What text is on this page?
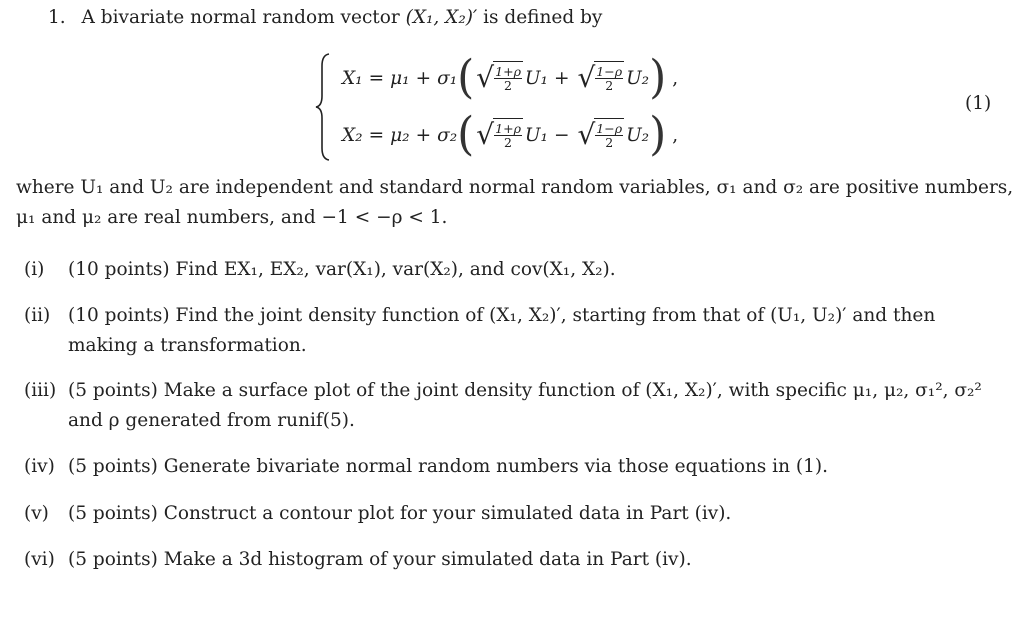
1. A bivariate normal random vector (X₁, X₂)′ is defined by
X₁ = μ₁ + σ₁ ( √ $\frac{1+\rho}{2} U_1$ + √ $\frac{1-\rho}{2} U_2$ ) ,
X₂ = μ₂ + σ₂ ( √ $\frac{1+\rho}{2} U_1$ − √ $\frac{1-\rho}{2} U_2$ ) ,
(1)
where U₁ and U₂ are independent and standard normal random variables, σ₁ and σ₂ are positive numbers,
μ₁ and μ₂ are real numbers, and −1 < −ρ < 1.
(i) (10 points) Find EX₁, EX₂, var(X₁), var(X₂), and cov(X₁, X₂).
(ii) (10 points) Find the joint density function of (X₁, X₂)′, starting from that of (U₁, U₂)′ and then
making a transformation.
(iii) (5 points) Make a surface plot of the joint density function of (X₁, X₂)′, with specific μ₁, μ₂, σ₁², σ₂²
and ρ generated from runif(5).
(iv) (5 points) Generate bivariate normal random numbers via those equations in (1).
(v) (5 points) Construct a contour plot for your simulated data in Part (iv).
(vi) (5 points) Make a 3d histogram of your simulated data in Part (iv).
